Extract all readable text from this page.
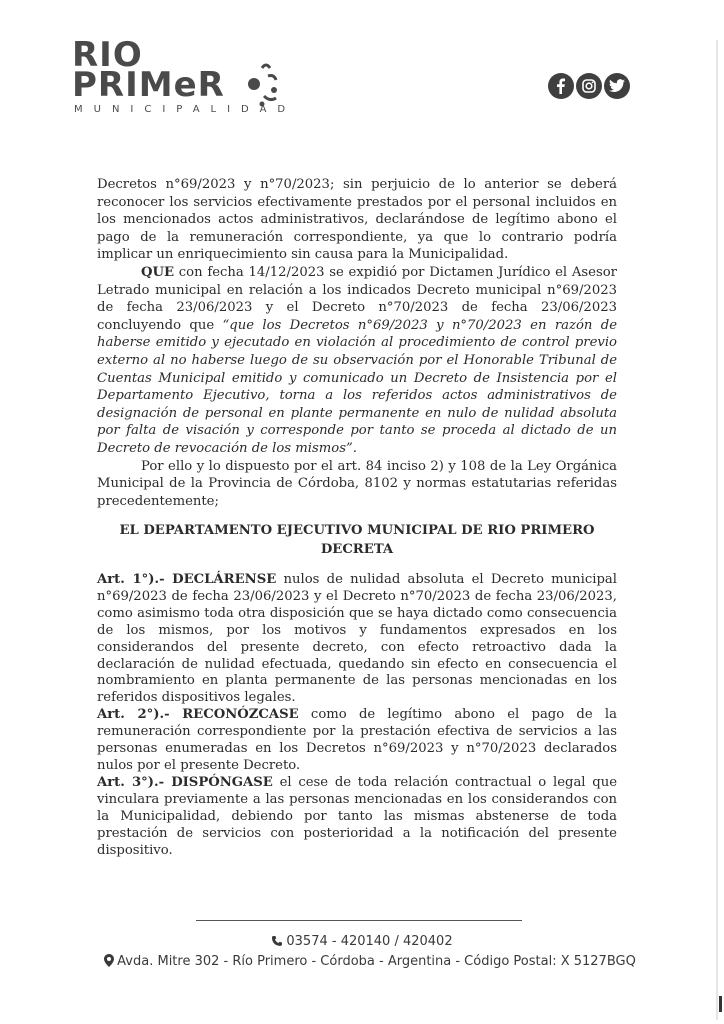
RIO
PRIMeR
MUNICIPALIDAD

Decretos n°69/2023 y n°70/2023; sin perjuicio de lo anterior se deberá reconocer los servicios efectivamente prestados por el personal incluidos en los mencionados actos administrativos, declarándose de legítimo abono el pago de la remuneración correspondiente, ya que lo contrario podría implicar un enriquecimiento sin causa para la Municipalidad.

QUE con fecha 14/12/2023 se expidió por Dictamen Jurídico el Asesor Letrado municipal en relación a los indicados Decreto municipal n°69/2023 de fecha 23/06/2023 y el Decreto n°70/2023 de fecha 23/06/2023 concluyendo que “que los Decretos n°69/2023 y n°70/2023 en razón de haberse emitido y ejecutado en violación al procedimiento de control previo externo al no haberse luego de su observación por el Honorable Tribunal de Cuentas Municipal emitido y comunicado un Decreto de Insistencia por el Departamento Ejecutivo, torna a los referidos actos administrativos de designación de personal en plante permanente en nulo de nulidad absoluta por falta de visación y corresponde por tanto se proceda al dictado de un Decreto de revocación de los mismos”.

Por ello y lo dispuesto por el art. 84 inciso 2) y 108 de la Ley Orgánica Municipal de la Provincia de Córdoba, 8102 y normas estatutarias referidas precedentemente;

EL DEPARTAMENTO EJECUTIVO MUNICIPAL DE RIO PRIMERO
DECRETA

Art. 1°).- DECLÁRENSE nulos de nulidad absoluta el Decreto municipal n°69/2023 de fecha 23/06/2023 y el Decreto n°70/2023 de fecha 23/06/2023, como asimismo toda otra disposición que se haya dictado como consecuencia de los mismos, por los motivos y fundamentos expresados en los considerandos del presente decreto, con efecto retroactivo dada la declaración de nulidad efectuada, quedando sin efecto en consecuencia el nombramiento en planta permanente de las personas mencionadas en los referidos dispositivos legales.

Art. 2°).- RECONÓZCASE como de legítimo abono el pago de la remuneración correspondiente por la prestación efectiva de servicios a las personas enumeradas en los Decretos n°69/2023 y n°70/2023 declarados nulos por el presente Decreto.

Art. 3°).- DISPÓNGASE el cese de toda relación contractual o legal que vinculara previamente a las personas mencionadas en los considerandos con la Municipalidad, debiendo por tanto las mismas abstenerse de toda prestación de servicios con posterioridad a la notificación del presente dispositivo.

03574 - 420140 / 420402
Avda. Mitre 302 - Río Primero - Córdoba - Argentina - Código Postal: X 5127BGQ
